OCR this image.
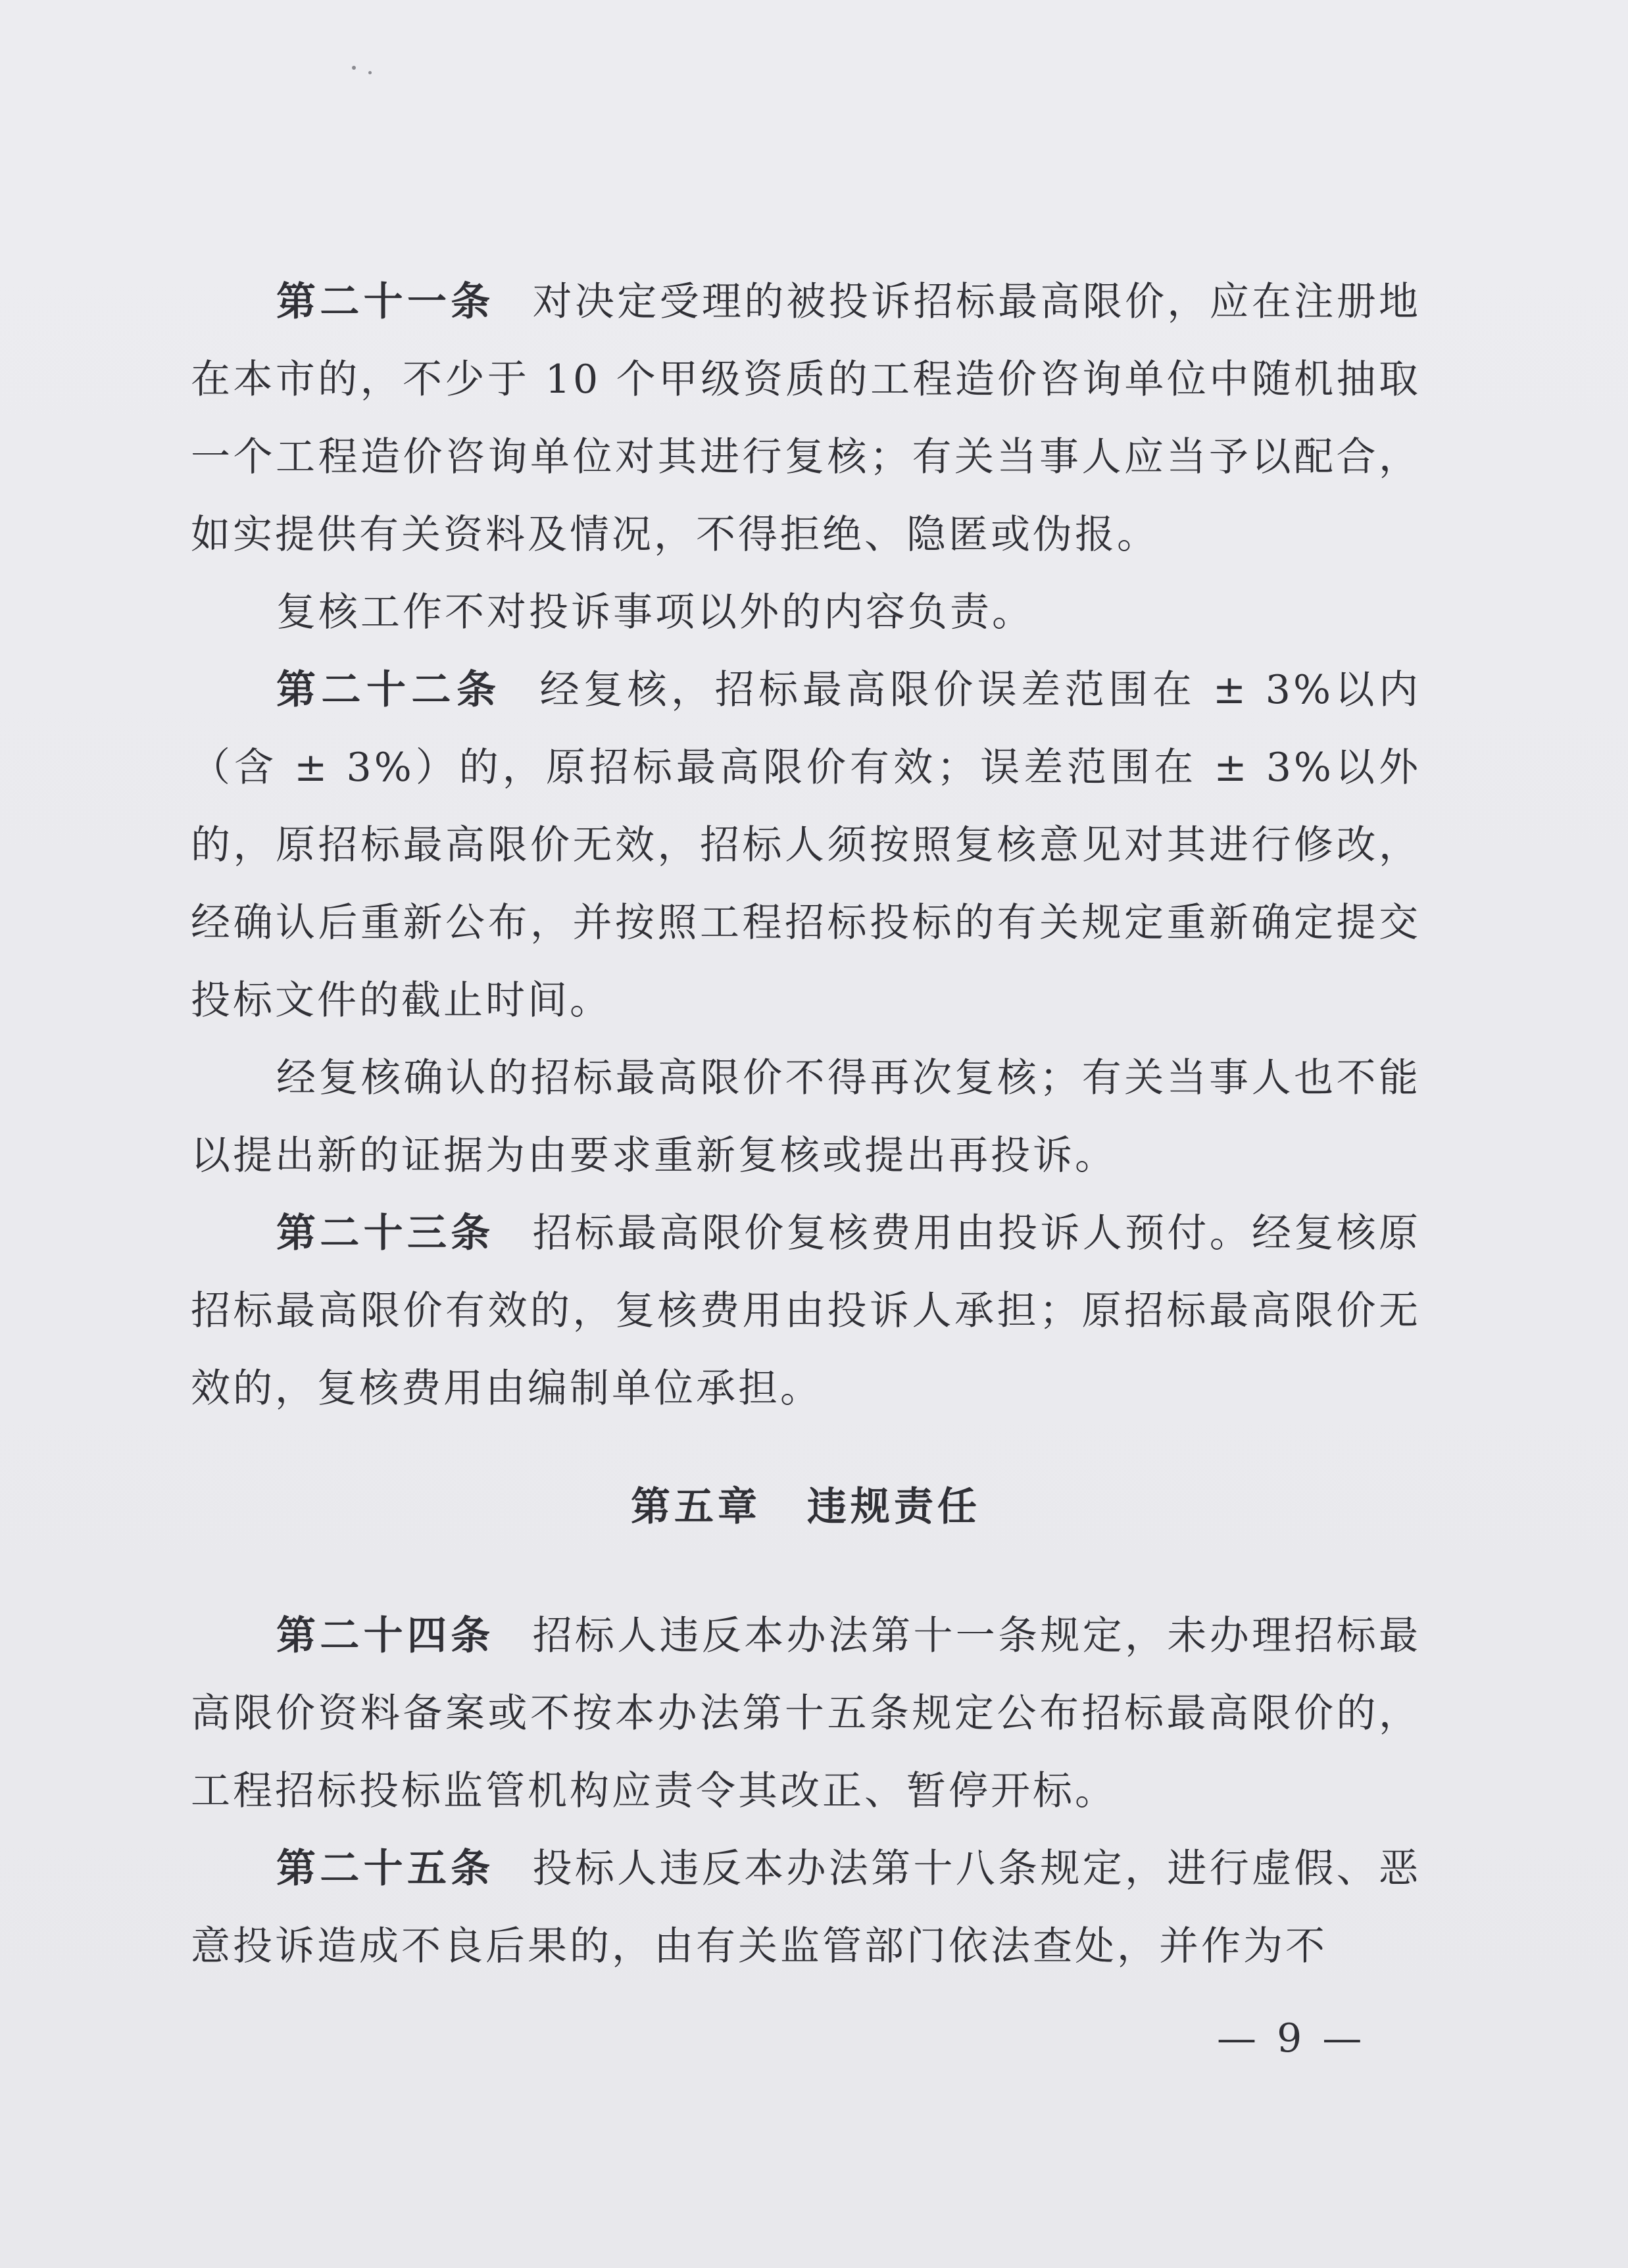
第二十一条 对决定受理的被投诉招标最高限价，应在注册地在本市的，不少于 10 个甲级资质的工程造价咨询单位中随机抽取一个工程造价咨询单位对其进行复核；有关当事人应当予以配合，如实提供有关资料及情况，不得拒绝、隐匿或伪报。

复核工作不对投诉事项以外的内容负责。

第二十二条 经复核，招标最高限价误差范围在 ± 3%以内（含 ± 3%）的，原招标最高限价有效；误差范围在 ± 3%以外的，原招标最高限价无效，招标人须按照复核意见对其进行修改，经确认后重新公布，并按照工程招标投标的有关规定重新确定提交投标文件的截止时间。

经复核确认的招标最高限价不得再次复核；有关当事人也不能以提出新的证据为由要求重新复核或提出再投诉。

第二十三条 招标最高限价复核费用由投诉人预付。经复核原招标最高限价有效的，复核费用由投诉人承担；原招标最高限价无效的，复核费用由编制单位承担。

第五章 违规责任

第二十四条 招标人违反本办法第十一条规定，未办理招标最高限价资料备案或不按本办法第十五条规定公布招标最高限价的，工程招标投标监管机构应责令其改正、暂停开标。

第二十五条 投标人违反本办法第十八条规定，进行虚假、恶意投诉造成不良后果的，由有关监管部门依法查处，并作为不

— 9 —
